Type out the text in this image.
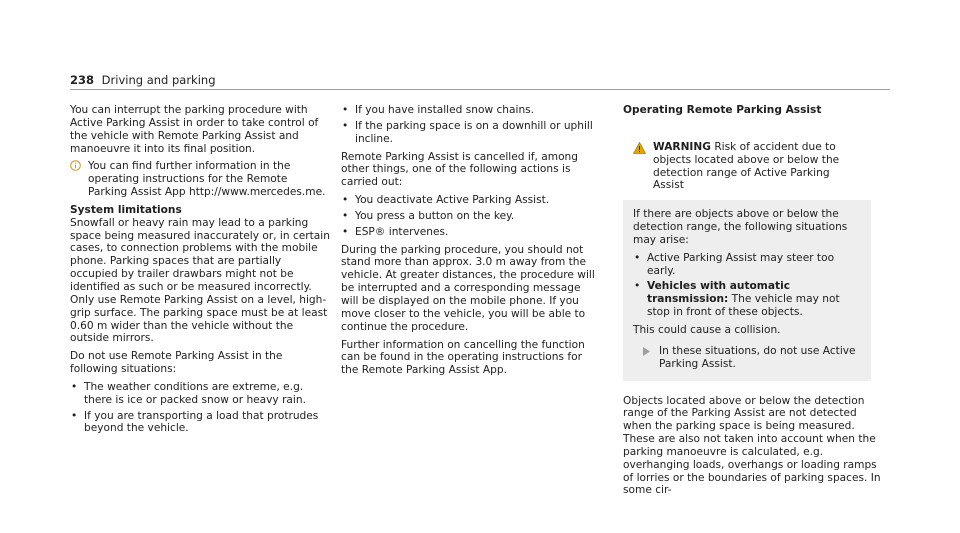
238 Driving and parking

You can interrupt the parking procedure with Active Parking Assist in order to take control of the vehicle with Remote Parking Assist and manoeuvre it into its final position.

You can find further information in the operating instructions for the Remote Parking Assist App http://www.mercedes.me.

System limitations
Snowfall or heavy rain may lead to a parking space being measured inaccurately or, in certain cases, to connection problems with the mobile phone. Parking spaces that are partially occupied by trailer drawbars might not be identified as such or be measured incorrectly. Only use Remote Parking Assist on a level, high-grip surface. The parking space must be at least 0.60 m wider than the vehicle without the outside mirrors.

Do not use Remote Parking Assist in the following situations:

• The weather conditions are extreme, e.g. there is ice or packed snow or heavy rain.
• If you are transporting a load that protrudes beyond the vehicle.
• If you have installed snow chains.
• If the parking space is on a downhill or uphill incline.

Remote Parking Assist is cancelled if, among other things, one of the following actions is carried out:

• You deactivate Active Parking Assist.
• You press a button on the key.
• ESP® intervenes.

During the parking procedure, you should not stand more than approx. 3.0 m away from the vehicle. At greater distances, the procedure will be interrupted and a corresponding message will be displayed on the mobile phone. If you move closer to the vehicle, you will be able to continue the procedure.

Further information on cancelling the function can be found in the operating instructions for the Remote Parking Assist App.

Operating Remote Parking Assist

WARNING Risk of accident due to objects located above or below the detection range of Active Parking Assist

If there are objects above or below the detection range, the following situations may arise:

• Active Parking Assist may steer too early.
• Vehicles with automatic transmission: The vehicle may not stop in front of these objects.

This could cause a collision.

In these situations, do not use Active Parking Assist.

Objects located above or below the detection range of the Parking Assist are not detected when the parking space is being measured. These are also not taken into account when the parking manoeuvre is calculated, e.g. overhanging loads, overhangs or loading ramps of lorries or the boundaries of parking spaces. In some cir-
